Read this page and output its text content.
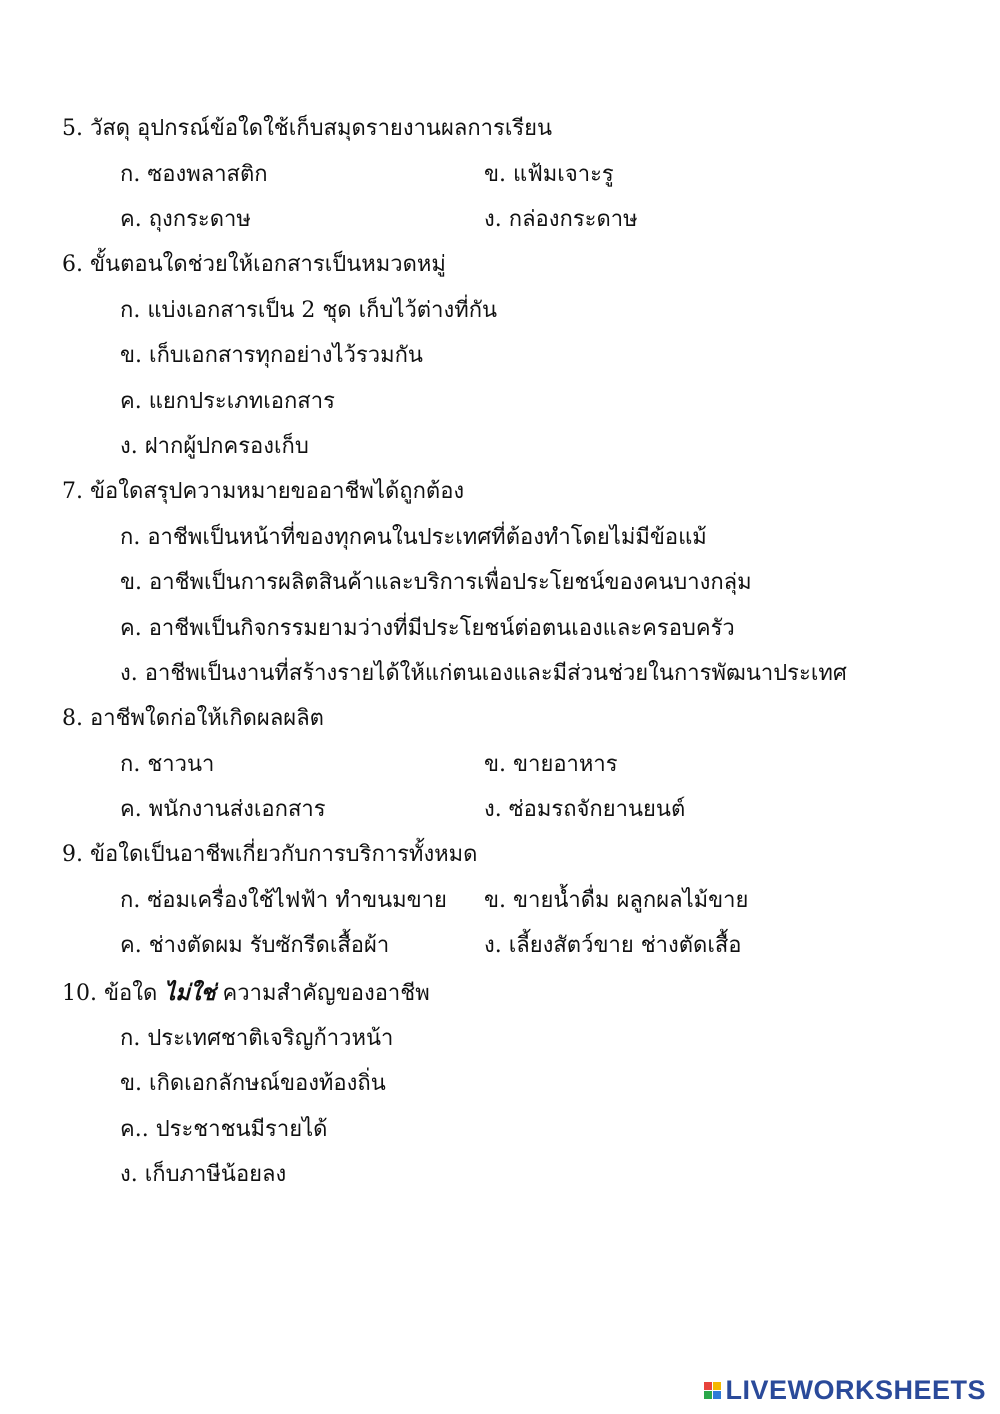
5. วัสดุ อุปกรณ์ข้อใดใช้เก็บสมุดรายงานผลการเรียน
ก. ซองพลาสติก	ข. แฟ้มเจาะรู
ค. ถุงกระดาษ	ง. กล่องกระดาษ
6. ขั้นตอนใดช่วยให้เอกสารเป็นหมวดหมู่
ก. แบ่งเอกสารเป็น 2 ชุด เก็บไว้ต่างที่กัน
ข. เก็บเอกสารทุกอย่างไว้รวมกัน
ค. แยกประเภทเอกสาร
ง. ฝากผู้ปกครองเก็บ
7. ข้อใดสรุปความหมายขออาชีพได้ถูกต้อง
ก. อาชีพเป็นหน้าที่ของทุกคนในประเทศที่ต้องทำโดยไม่มีข้อแม้
ข. อาชีพเป็นการผลิตสินค้าและบริการเพื่อประโยชน์ของคนบางกลุ่ม
ค. อาชีพเป็นกิจกรรมยามว่างที่มีประโยชน์ต่อตนเองและครอบครัว
ง. อาชีพเป็นงานที่สร้างรายได้ให้แก่ตนเองและมีส่วนช่วยในการพัฒนาประเทศ
8. อาชีพใดก่อให้เกิดผลผลิต
ก. ชาวนา	ข. ขายอาหาร
ค. พนักงานส่งเอกสาร	ง. ซ่อมรถจักยานยนต์
9. ข้อใดเป็นอาชีพเกี่ยวกับการบริการทั้งหมด
ก. ซ่อมเครื่องใช้ไฟฟ้า ทำขนมขาย ข. ขายน้ำดื่ม ผลูกผลไม้ขาย
ค. ช่างตัดผม รับซักรีดเสื้อผ้า	ง. เลี้ยงสัตว์ขาย ช่างตัดเสื้อ
10. ข้อใด ไม่ใช่ ความสำคัญของอาชีพ
ก. ประเทศชาติเจริญก้าวหน้า
ข. เกิดเอกลักษณ์ของท้องถิ่น
ค.. ประชาชนมีรายได้
ง. เก็บภาษีน้อยลง
LIVEWORKSHEETS
